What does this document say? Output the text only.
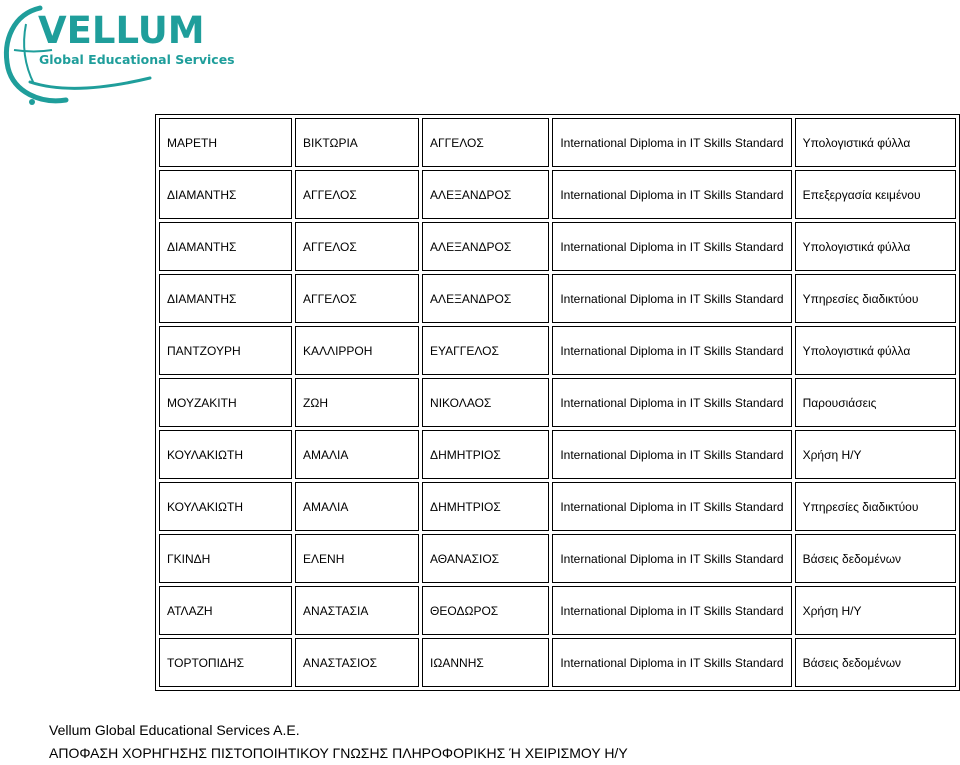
VELLUM
Global Educational Services
ΜΑΡΕΤΗ	ΒΙΚΤΩΡΙΑ	ΑΓΓΕΛΟΣ	International Diploma in IT Skills Standard	Υπολογιστικά φύλλα
ΔΙΑΜΑΝΤΗΣ	ΑΓΓΕΛΟΣ	ΑΛΕΞΑΝΔΡΟΣ	International Diploma in IT Skills Standard	Επεξεργασία κειμένου
ΔΙΑΜΑΝΤΗΣ	ΑΓΓΕΛΟΣ	ΑΛΕΞΑΝΔΡΟΣ	International Diploma in IT Skills Standard	Υπολογιστικά φύλλα
ΔΙΑΜΑΝΤΗΣ	ΑΓΓΕΛΟΣ	ΑΛΕΞΑΝΔΡΟΣ	International Diploma in IT Skills Standard	Υπηρεσίες διαδικτύου
ΠΑΝΤΖΟΥΡΗ	ΚΑΛΛΙΡΡΟΗ	ΕΥΑΓΓΕΛΟΣ	International Diploma in IT Skills Standard	Υπολογιστικά φύλλα
ΜΟΥΖΑΚΙΤΗ	ΖΩΗ	ΝΙΚΟΛΑΟΣ	International Diploma in IT Skills Standard	Παρουσιάσεις
ΚΟΥΛΑΚΙΩΤΗ	ΑΜΑΛΙΑ	ΔΗΜΗΤΡΙΟΣ	International Diploma in IT Skills Standard	Χρήση Η/Υ
ΚΟΥΛΑΚΙΩΤΗ	ΑΜΑΛΙΑ	ΔΗΜΗΤΡΙΟΣ	International Diploma in IT Skills Standard	Υπηρεσίες διαδικτύου
ΓΚΙΝΔΗ	ΕΛΕΝΗ	ΑΘΑΝΑΣΙΟΣ	International Diploma in IT Skills Standard	Βάσεις δεδομένων
ΑΤΛΑΖΗ	ΑΝΑΣΤΑΣΙΑ	ΘΕΟΔΩΡΟΣ	International Diploma in IT Skills Standard	Χρήση Η/Υ
ΤΟΡΤΟΠΙΔΗΣ	ΑΝΑΣΤΑΣΙΟΣ	ΙΩΑΝΝΗΣ	International Diploma in IT Skills Standard	Βάσεις δεδομένων
Vellum Global Educational Services A.E.
ΑΠΟΦΑΣΗ ΧΟΡΗΓΗΣΗΣ ΠΙΣΤΟΠΟΙΗΤΙΚΟΥ ΓΝΩΣΗΣ ΠΛΗΡΟΦΟΡΙΚΗΣ Ή ΧΕΙΡΙΣΜΟΥ Η/Υ
